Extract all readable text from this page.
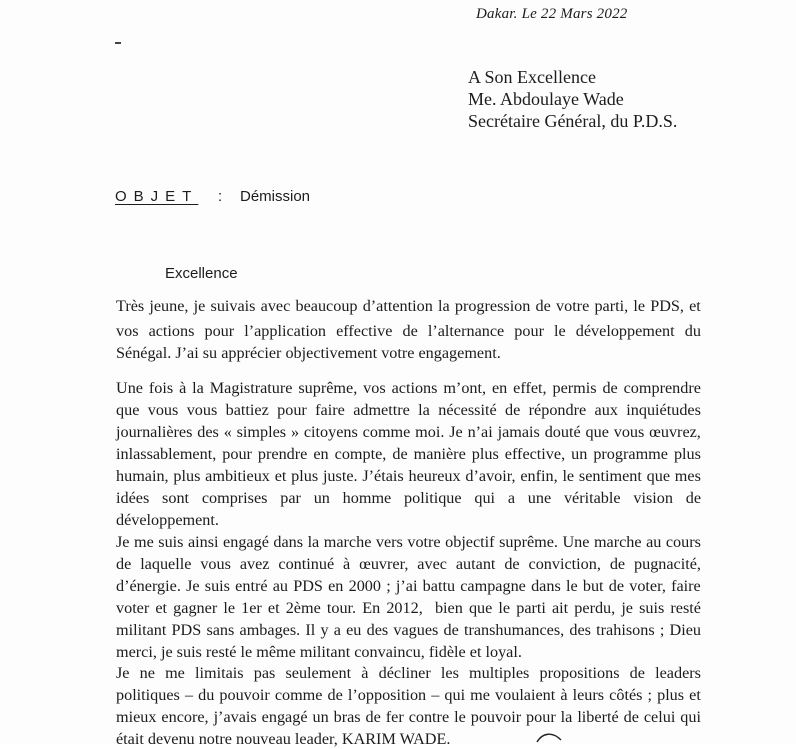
Dakar. Le 22 Mars 2022
A Son Excellence
Me. Abdoulaye Wade
Secrétaire Général, du P.D.S.
OBJET : Démission
Excellence
Très jeune, je suivais avec beaucoup d’attention la progression de votre parti, le PDS, et
vos actions pour l’application effective de l’alternance pour le développement du
Sénégal. J’ai su apprécier objectivement votre engagement.
Une fois à la Magistrature suprême, vos actions m’ont, en effet, permis de comprendre
que vous vous battiez pour faire admettre la nécessité de répondre aux inquiétudes
journalières des « simples » citoyens comme moi. Je n’ai jamais douté que vous œuvrez,
inlassablement, pour prendre en compte, de manière plus effective, un programme plus
humain, plus ambitieux et plus juste. J’étais heureux d’avoir, enfin, le sentiment que mes
idées sont comprises par un homme politique qui a une véritable vision de
développement.
Je me suis ainsi engagé dans la marche vers votre objectif suprême. Une marche au cours
de laquelle vous avez continué à œuvrer, avec autant de conviction, de pugnacité,
d’énergie. Je suis entré au PDS en 2000 ; j’ai battu campagne dans le but de voter, faire
voter et gagner le 1er et 2ème tour. En 2012, bien que le parti ait perdu, je suis resté
militant PDS sans ambages. Il y a eu des vagues de transhumances, des trahisons ; Dieu
merci, je suis resté le même militant convaincu, fidèle et loyal.
Je ne me limitais pas seulement à décliner les multiples propositions de leaders
politiques – du pouvoir comme de l’opposition – qui me voulaient à leurs côtés ; plus et
mieux encore, j’avais engagé un bras de fer contre le pouvoir pour la liberté de celui qui
était devenu notre nouveau leader, KARIM WADE.
